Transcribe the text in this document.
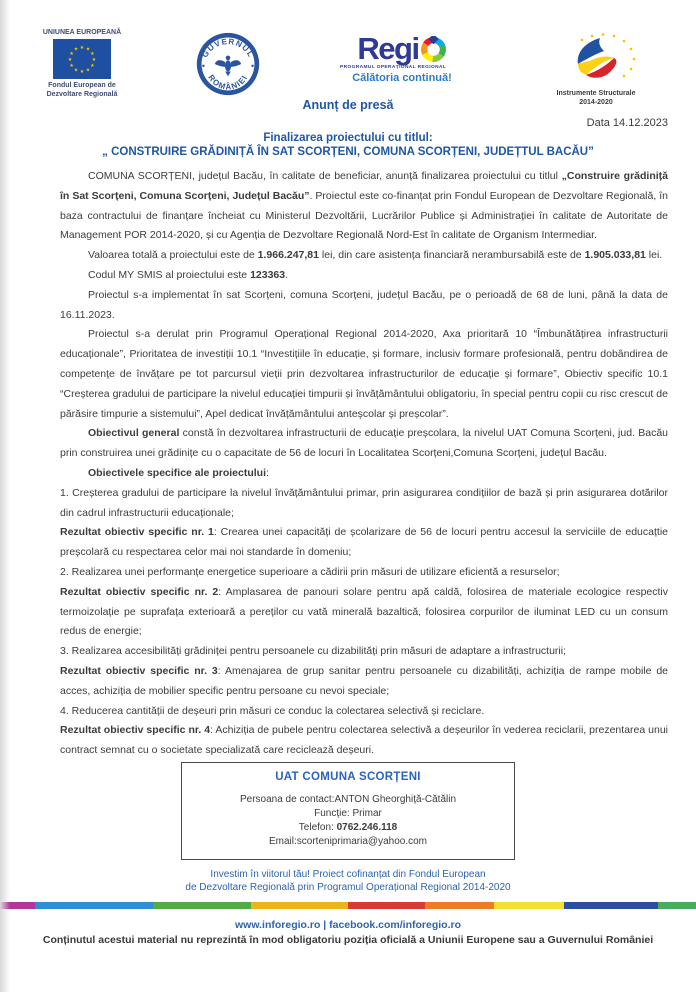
UNIUNEA EUROPEANĂ
★ ★
★
★
★
★
★
★
★
★
★
★
Fondul European de
Dezvoltare Regională
GUVERNUL
ROMÂNIEI
Regi
PROGRAMUL OPERAȚIONAL REGIONAL
Călătoria continuă!
Instrumente Structurale
2014-2020
Anunț de presă
Data 14.12.2023
Finalizarea proiectului cu titlul:
„ CONSTRUIRE GRĂDINIȚĂ ÎN SAT SCORȚENI, COMUNA SCORȚENI, JUDEȚTUL BACĂU”

COMUNA SCORȚENI, județul Bacău, în calitate de beneficiar, anunță finalizarea proiectului cu titlul „Construire grădiniță în Sat Scorțeni, Comuna Scorțeni, Județul Bacău”. Proiectul este co-finanțat prin Fondul European de Dezvoltare Regională, în baza contractului de finanțare încheiat cu Ministerul Dezvoltării, Lucrărilor Publice și Administrației în calitate de Autoritate de Management POR 2014-2020, și cu Agenția de Dezvoltare Regională Nord-Est în calitate de Organism Intermediar.

Valoarea totală a proiectului este de 1.966.247,81 lei, din care asistența financiară nerambursabilă este de 1.905.033,81 lei.

Codul MY SMIS al proiectului este 123363.

Proiectul s-a implementat în sat Scorțeni, comuna Scorțeni, județul Bacău, pe o perioadă de 68 de luni, până la data de 16.11.2023.

Proiectul s-a derulat prin Programul Operațional Regional 2014-2020, Axa prioritară 10 “Îmbunătățirea infrastructurii educaționale”, Prioritatea de investiții 10.1 “Investițiile în educație, și formare, inclusiv formare profesională, pentru dobândirea de competențe de învățare pe tot parcursul vieții prin dezvoltarea infrastructurilor de educație și formare”, Obiectiv specific 10.1 “Creșterea gradului de participare la nivelul educației timpurii și învățământului obligatoriu, în special pentru copii cu risc crescut de părăsire timpurie a sistemului”, Apel dedicat învățământului anteșcolar și preșcolar”.

Obiectivul general constă în dezvoltarea infrastructurii de educație preșcolara, la nivelul UAT Comuna Scorțeni, jud. Bacău prin construirea unei grădinițe cu o capacitate de 56 de locuri în Localitatea Scorțeni,Comuna Scorțeni, județul Bacău.

Obiectivele specifice ale proiectului:

1. Creșterea gradului de participare la nivelul învățământului primar, prin asigurarea condițiilor de bază și prin asigurarea dotărilor din cadrul infrastructurii educaționale;

Rezultat obiectiv specific nr. 1: Crearea unei capacități de școlarizare de 56 de locuri pentru accesul la serviciile de educațtie preșcolară cu respectarea celor mai noi standarde în domeniu;

2. Realizarea unei performanțe energetice superioare a cădirii prin măsuri de utilizare eficientă a resurselor;

Rezultat obiectiv specific nr. 2: Amplasarea de panouri solare pentru apă caldă, folosirea de materiale ecologice respectiv termoizolație pe suprafața exterioară a pereților cu vată minerală bazaltică, folosirea corpurilor de iluminat LED cu un consum redus de energie;

3. Realizarea accesibilități grădiniței pentru persoanele cu dizabilități prin măsuri de adaptare a infrastructurii;

Rezultat obiectiv specific nr. 3: Amenajarea de grup sanitar pentru persoanele cu dizabilități, achiziția de rampe mobile de acces, achiziția de mobilier specific pentru persoane cu nevoi speciale;

4. Reducerea cantității de deșeuri prin măsuri ce conduc la colectarea selectivă și reciclare.

Rezultat obiectiv specific nr. 4: Achiziția de pubele pentru colectarea selectivă a deșeurilor în vederea reciclarii, prezentarea unui contract semnat cu o societate specializată care reciclează deșeuri.

UAT COMUNA SCORȚENI
Persoana de contact:ANTON Gheorghiță-Cătălin
Funcție: Primar
Telefon: 0762.246.118
Email:scorteniprimaria@yahoo.com
Investim în viitorul tău! Proiect cofinanțat din Fondul European
de Dezvoltare Regională prin Programul Operațional Regional 2014-2020
www.inforegio.ro | facebook.com/inforegio.ro
Conținutul acestui material nu reprezintă în mod obligatoriu poziția oficială a Uniunii Europene sau a Guvernului României
